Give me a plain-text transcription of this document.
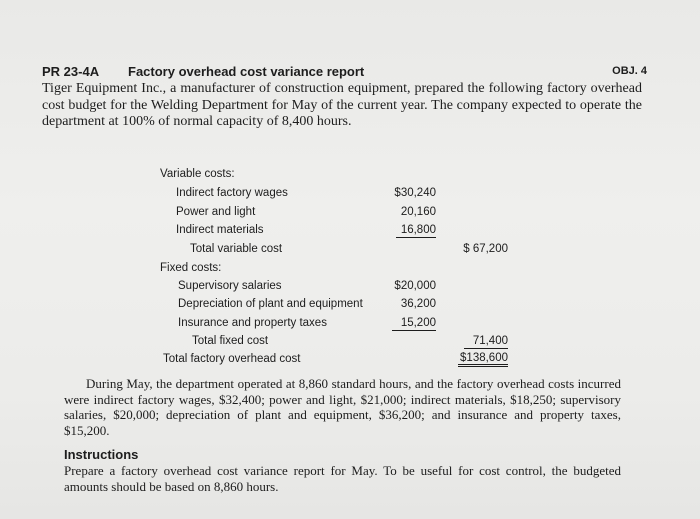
PR 23-4A Factory overhead cost variance report	OBJ. 4
Tiger Equipment Inc., a manufacturer of construction equipment, prepared the following factory overhead cost budget for the Welding Department for May of the current year. The company expected to operate the department at 100% of normal capacity of 8,400 hours.
Variable costs:
Indirect factory wages	$30,240
Power and light	20,160
Indirect materials	16,800
Total variable cost	$ 67,200
Fixed costs:
Supervisory salaries	$20,000
Depreciation of plant and equipment	36,200
Insurance and property taxes	15,200
Total fixed cost	71,400
Total factory overhead cost	$138,600
During May, the department operated at 8,860 standard hours, and the factory overhead costs incurred were indirect factory wages, $32,400; power and light, $21,000; indirect materials, $18,250; supervisory salaries, $20,000; depreciation of plant and equipment, $36,200; and insurance and property taxes, $15,200.
Instructions
Prepare a factory overhead cost variance report for May. To be useful for cost control, the budgeted amounts should be based on 8,860 hours.
